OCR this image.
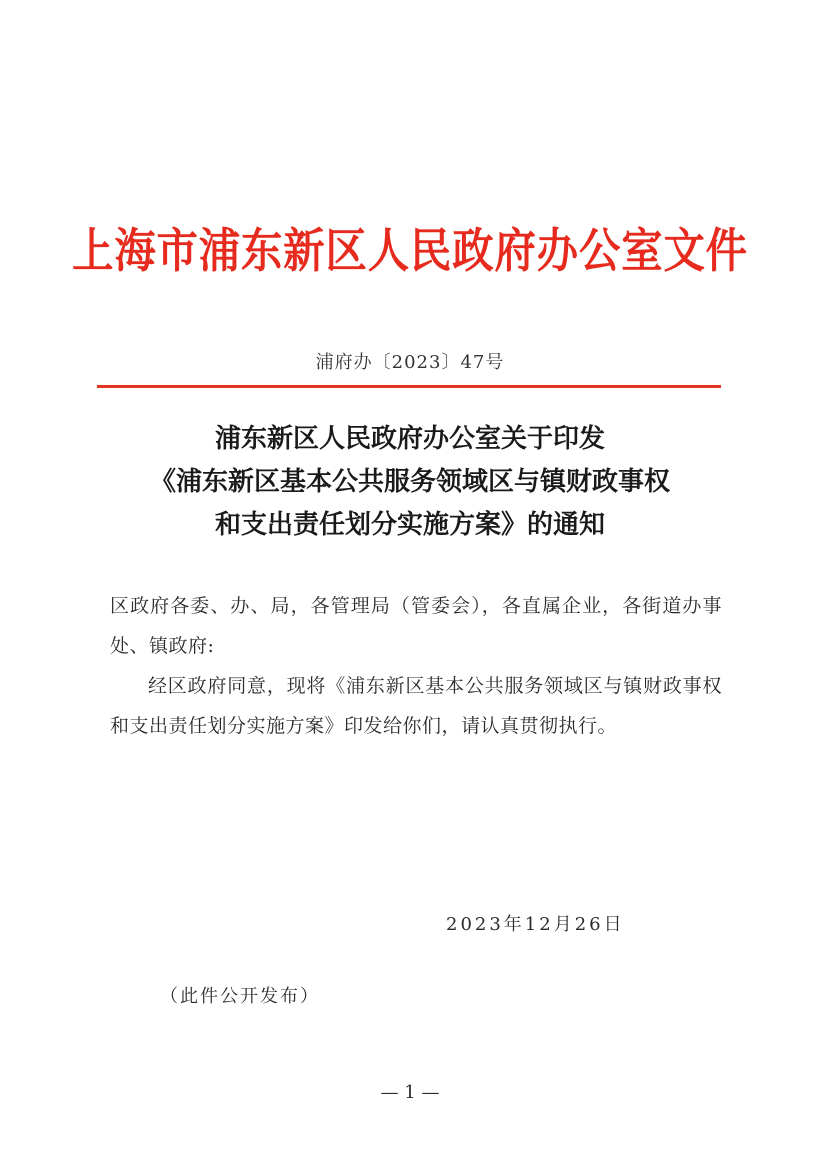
上海市浦东新区人民政府办公室文件
浦府办〔2023〕47号
浦东新区人民政府办公室关于印发
《浦东新区基本公共服务领域区与镇财政事权
和支出责任划分实施方案》的通知

区政府各委、办、局，各管理局（管委会），各直属企业，各街道办事处、镇政府:

经区政府同意，现将《浦东新区基本公共服务领域区与镇财政事权和支出责任划分实施方案》印发给你们，请认真贯彻执行。

2023年12月26日
（此件公开发布）
— 1 —
